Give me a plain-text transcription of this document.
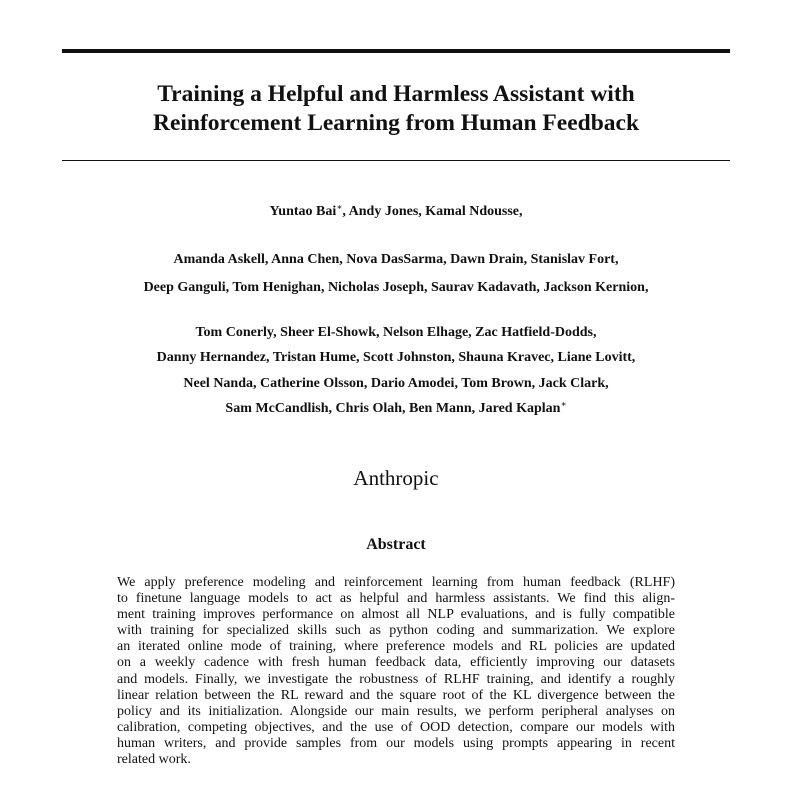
Training a Helpful and Harmless Assistant with
Reinforcement Learning from Human Feedback
Yuntao Bai∗, Andy Jones, Kamal Ndousse,
Amanda Askell, Anna Chen, Nova DasSarma, Dawn Drain, Stanislav Fort,
Deep Ganguli, Tom Henighan, Nicholas Joseph, Saurav Kadavath, Jackson Kernion,
Tom Conerly, Sheer El-Showk, Nelson Elhage, Zac Hatfield-Dodds,
Danny Hernandez, Tristan Hume, Scott Johnston, Shauna Kravec, Liane Lovitt,
Neel Nanda, Catherine Olsson, Dario Amodei, Tom Brown, Jack Clark,
Sam McCandlish, Chris Olah, Ben Mann, Jared Kaplan∗
Anthropic
Abstract
We apply preference modeling and reinforcement learning from human feedback (RLHF)
to finetune language models to act as helpful and harmless assistants. We find this align-
ment training improves performance on almost all NLP evaluations, and is fully compatible
with training for specialized skills such as python coding and summarization. We explore
an iterated online mode of training, where preference models and RL policies are updated
on a weekly cadence with fresh human feedback data, efficiently improving our datasets
and models. Finally, we investigate the robustness of RLHF training, and identify a roughly
linear relation between the RL reward and the square root of the KL divergence between the
policy and its initialization. Alongside our main results, we perform peripheral analyses on
calibration, competing objectives, and the use of OOD detection, compare our models with
human writers, and provide samples from our models using prompts appearing in recent
related work.
